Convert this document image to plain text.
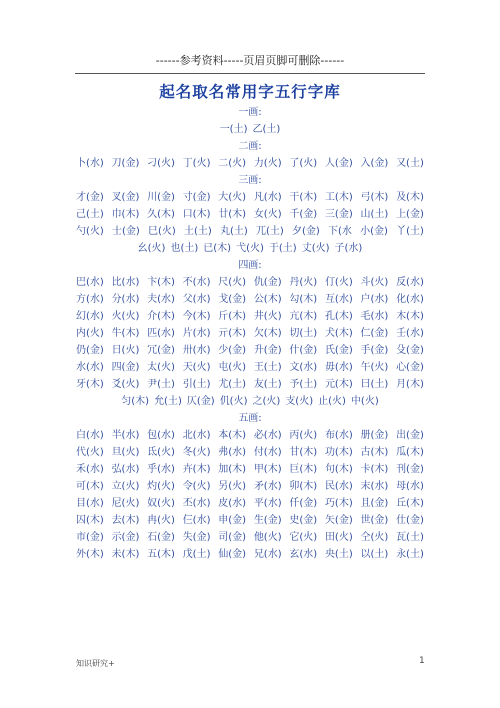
------参考资料-----页眉页脚可删除------
起名取名常用字五行字库
一画:
一(土) 乙(土)
二画:
卜(水) 刀(金) 刁(火) 丁(火) 二(火) 力(火) 了(火) 人(金) 入(金) 又(土)
三画:
才(金) 叉(金) 川(金) 寸(金) 大(火) 凡(水) 干(木) 工(木) 弓(木) 及(木)
己(土) 巾(木) 久(木) 口(木) 廿(木) 女(火) 千(金) 三(金) 山(土) 上(金)
勺(火) 士(金) 巳(火) 土(土) 丸(土) 兀(土) 夕(金) 下(水 小(金) 丫(土)
幺(火) 也(土) 已(木) 弋(火) 于(土) 丈(火) 子(水)
四画:
巴(水) 比(水) 卞(木) 不(水) 尺(火) 仇(金) 丹(火) 仃(火) 斗(火) 反(水)
方(水) 分(水) 夫(水) 父(水) 戈(金) 公(木) 勾(木) 互(水) 户(水) 化(水)
幻(水) 火(火) 介(木) 今(木) 斤(木) 井(火) 亢(木) 孔(木) 毛(水) 木(木)
内(火) 牛(木) 匹(水) 片(水) 亓(木) 欠(木) 切(土) 犬(木) 仁(金) 壬(水)
仍(金) 日(火) 冗(金) 卅(水) 少(金) 升(金) 什(金) 氏(金) 手(金) 殳(金)
水(水) 四(金) 太(火) 天(火) 屯(火) 王(土) 文(水) 毋(水) 午(火) 心(金)
牙(木) 爻(火) 尹(土) 引(土) 尤(土) 友(土) 予(土) 元(木) 曰(土) 月(木)
匀(木) 允(土) 仄(金) 仉(火) 之(火) 支(火) 止(火) 中(火)
五画:
白(水) 半(水) 包(水) 北(水) 本(木) 必(水) 丙(火) 布(水) 册(金) 出(金)
代(火) 旦(火) 氐(火) 冬(火) 弗(水) 付(水) 甘(木) 功(木) 古(木) 瓜(木)
禾(水) 弘(水) 乎(水) 卉(木) 加(木) 甲(木) 巨(木) 句(木) 卡(木) 刊(金)
可(木) 立(火) 灼(火) 令(火) 另(火) 矛(水) 卯(木) 民(水) 末(水) 母(水)
目(水) 尼(火) 奴(火) 丕(水) 皮(水) 平(水) 仟(金) 巧(木) 且(金) 丘(木)
囚(木) 去(木) 冉(火) 仨(水) 申(金) 生(金) 史(金) 矢(金) 世(金) 仕(金)
市(金) 示(金) 石(金) 失(金) 司(金) 他(火) 它(火) 田(火) 仝(火) 瓦(土)
外(木) 未(木) 五(木) 戊(土) 仙(金) 兄(水) 玄(水) 央(土) 以(土) 永(土)
知识研究+	1
